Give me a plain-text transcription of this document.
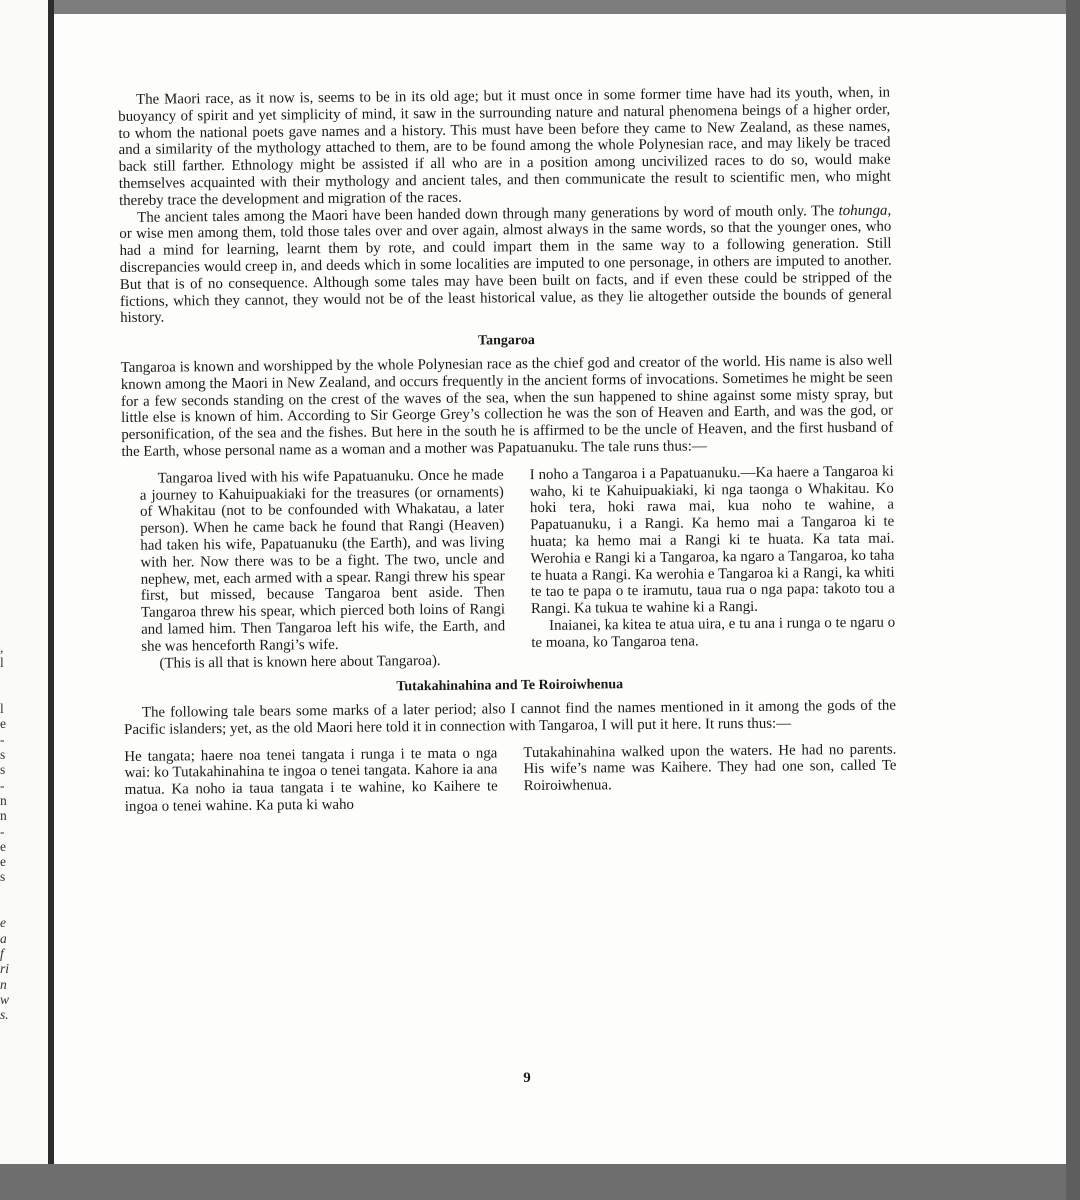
,
l
l
e
-
s
s
-
n
n
-
e
e
s
e
a
f
ri
n
w
s.

The Maori race, as it now is, seems to be in its old age; but it must once in some former time have had its youth, when, in buoyancy of spirit and yet simplicity of mind, it saw in the surrounding nature and natural phenomena beings of a higher order, to whom the national poets gave names and a history. This must have been before they came to New Zealand, as these names, and a similarity of the mythology attached to them, are to be found among the whole Polynesian race, and may likely be traced back still farther. Ethnology might be assisted if all who are in a position among uncivilized races to do so, would make themselves acquainted with their mythology and ancient tales, and then communicate the result to scientific men, who might thereby trace the development and migration of the races.

The ancient tales among the Maori have been handed down through many generations by word of mouth only. The tohunga, or wise men among them, told those tales over and over again, almost always in the same words, so that the younger ones, who had a mind for learning, learnt them by rote, and could impart them in the same way to a following generation. Still discrepancies would creep in, and deeds which in some localities are imputed to one personage, in others are imputed to another. But that is of no consequence. Although some tales may have been built on facts, and if even these could be stripped of the fictions, which they cannot, they would not be of the least historical value, as they lie altogether outside the bounds of general history.

Tangaroa

Tangaroa is known and worshipped by the whole Polynesian race as the chief god and creator of the world. His name is also well known among the Maori in New Zealand, and occurs frequently in the ancient forms of invocations. Sometimes he might be seen for a few seconds standing on the crest of the waves of the sea, when the sun happened to shine against some misty spray, but little else is known of him. According to Sir George Grey’s collection he was the son of Heaven and Earth, and was the god, or personification, of the sea and the fishes. But here in the south he is affirmed to be the uncle of Heaven, and the first husband of the Earth, whose personal name as a woman and a mother was Papatuanuku. The tale runs thus:—

Tangaroa lived with his wife Papatuanuku. Once he made a journey to Kahuipuakiaki for the treasures (or ornaments) of Whakitau (not to be confounded with Whakatau, a later person). When he came back he found that Rangi (Heaven) had taken his wife, Papatuanuku (the Earth), and was living with her. Now there was to be a fight. The two, uncle and nephew, met, each armed with a spear. Rangi threw his spear first, but missed, because Tangaroa bent aside. Then Tangaroa threw his spear, which pierced both loins of Rangi and lamed him. Then Tangaroa left his wife, the Earth, and she was henceforth Rangi’s wife.

(This is all that is known here about Tangaroa).

I noho a Tangaroa i a Papatuanuku.—Ka haere a Tangaroa ki waho, ki te Kahuipuakiaki, ki nga taonga o Whakitau. Ko hoki tera, hoki rawa mai, kua noho te wahine, a Papatuanuku, i a Rangi. Ka hemo mai a Tangaroa ki te huata; ka hemo mai a Rangi ki te huata. Ka tata mai. Werohia e Rangi ki a Tangaroa, ka ngaro a Tangaroa, ko taha te huata a Rangi. Ka werohia e Tangaroa ki a Rangi, ka whiti te tao te papa o te iramutu, taua rua o nga papa: takoto tou a Rangi. Ka tukua te wahine ki a Rangi.

Inaianei, ka kitea te atua uira, e tu ana i runga o te ngaru o te moana, ko Tangaroa tena.

Tutakahinahina and Te Roiroiwhenua

The following tale bears some marks of a later period; also I cannot find the names mentioned in it among the gods of the Pacific islanders; yet, as the old Maori here told it in connection with Tangaroa, I will put it here. It runs thus:—

He tangata; haere noa tenei tangata i runga i te mata o nga wai: ko Tutakahinahina te ingoa o tenei tangata. Kahore ia ana matua. Ka noho ia taua tangata i te wahine, ko Kaihere te ingoa o tenei wahine. Ka puta ki waho

Tutakahinahina walked upon the waters. He had no parents. His wife’s name was Kaihere. They had one son, called Te Roiroiwhenua.

9
